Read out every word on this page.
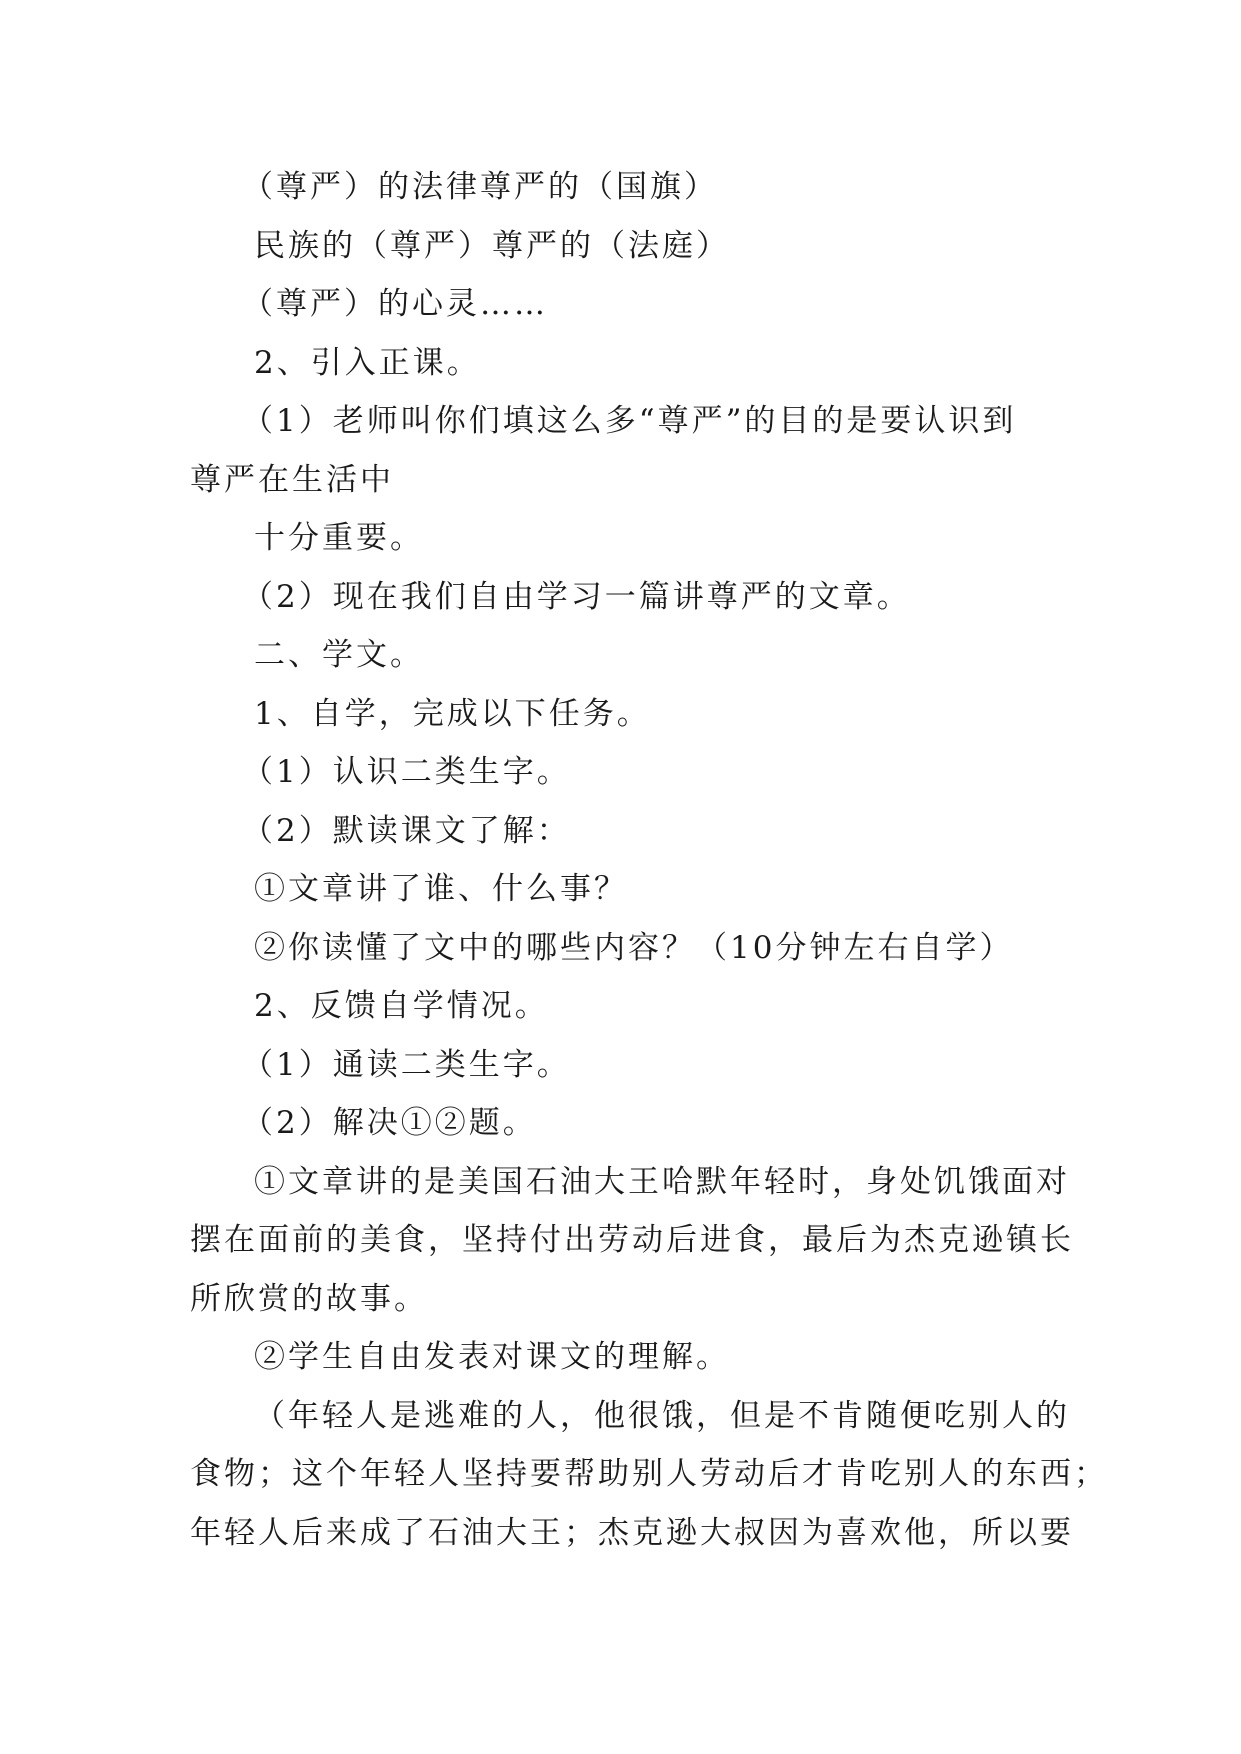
（尊严）的法律尊严的（国旗）
民族的（尊严）尊严的（法庭）
（尊严）的心灵……
2、引入正课。
（1）老师叫你们填这么多“尊严”的目的是要认识到
尊严在生活中
十分重要。
（2）现在我们自由学习一篇讲尊严的文章。
二、学文。
1、自学，完成以下任务。
（1）认识二类生字。
（2）默读课文了解：
①文章讲了谁、什么事？
②你读懂了文中的哪些内容？（10分钟左右自学）
2、反馈自学情况。
（1）通读二类生字。
（2）解决①②题。
①文章讲的是美国石油大王哈默年轻时，身处饥饿面对
摆在面前的美食，坚持付出劳动后进食，最后为杰克逊镇长
所欣赏的故事。
②学生自由发表对课文的理解。
（年轻人是逃难的人，他很饿，但是不肯随便吃别人的
食物；这个年轻人坚持要帮助别人劳动后才肯吃别人的东西；
年轻人后来成了石油大王；杰克逊大叔因为喜欢他，所以要
